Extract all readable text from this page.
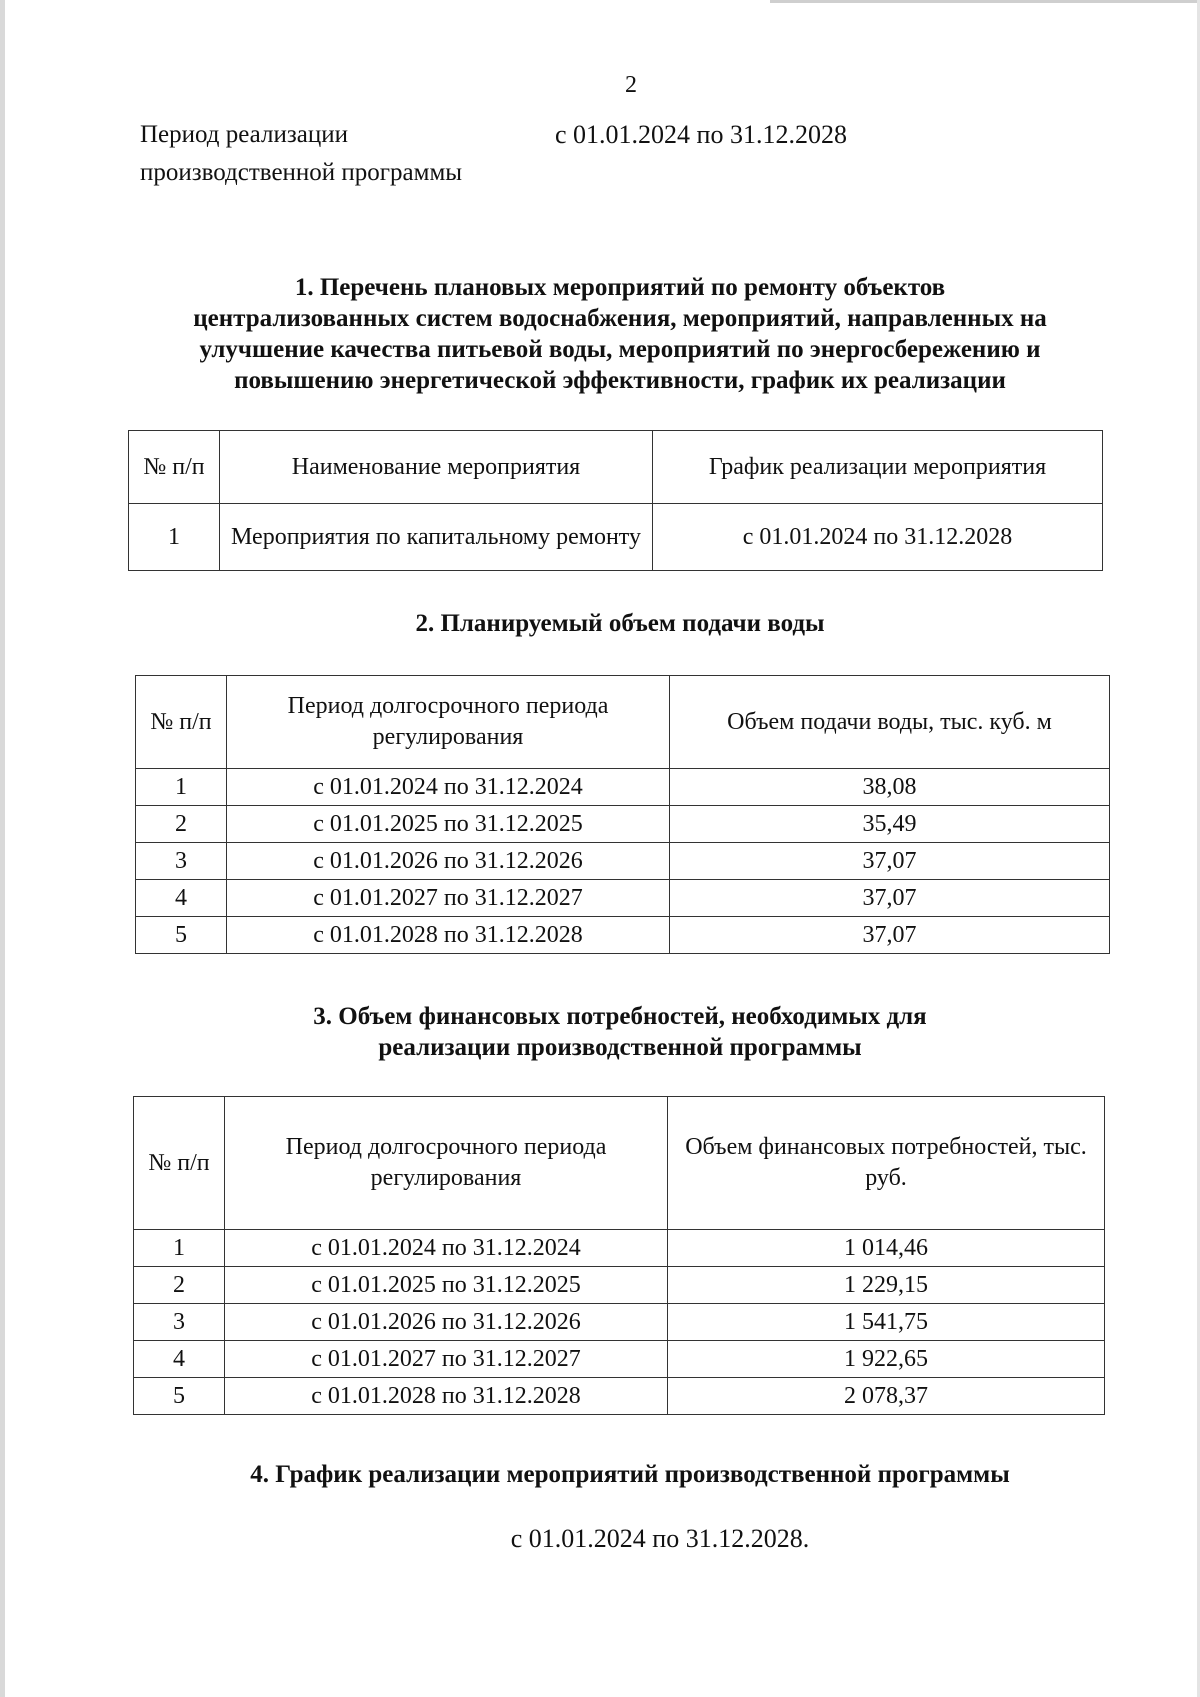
2
Период реализации
производственной программы
с 01.01.2024 по 31.12.2028
1. Перечень плановых мероприятий по ремонту объектов
централизованных систем водоснабжения, мероприятий, направленных на
улучшение качества питьевой воды, мероприятий по энергосбережению и
повышению энергетической эффективности, график их реализации
№ п/п	Наименование мероприятия	График реализации мероприятия
1	Мероприятия по капитальному ремонту	с 01.01.2024 по 31.12.2028
2. Планируемый объем подачи воды
№ п/п	Период долгосрочного периода регулирования	Объем подачи воды, тыс. куб. м
1	с 01.01.2024 по 31.12.2024	38,08
2	с 01.01.2025 по 31.12.2025	35,49
3	с 01.01.2026 по 31.12.2026	37,07
4	с 01.01.2027 по 31.12.2027	37,07
5	с 01.01.2028 по 31.12.2028	37,07
3. Объем финансовых потребностей, необходимых для
реализации производственной программы
№ п/п	Период долгосрочного периода регулирования	Объем финансовых потребностей, тыс. руб.
1	с 01.01.2024 по 31.12.2024	1 014,46
2	с 01.01.2025 по 31.12.2025	1 229,15
3	с 01.01.2026 по 31.12.2026	1 541,75
4	с 01.01.2027 по 31.12.2027	1 922,65
5	с 01.01.2028 по 31.12.2028	2 078,37
4. График реализации мероприятий производственной программы
с 01.01.2024 по 31.12.2028.
